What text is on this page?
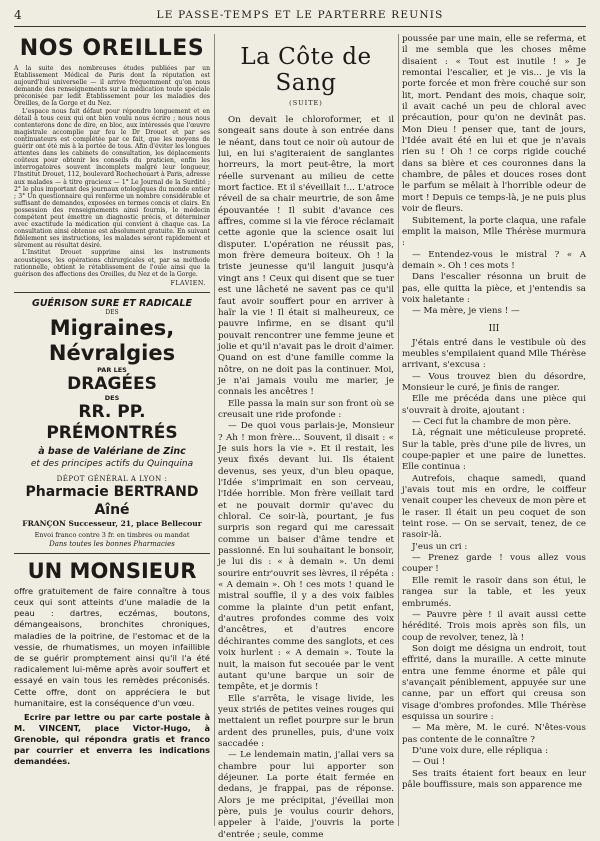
4	LE PASSE-TEMPS ET LE PARTERRE REUNIS
NOS OREILLES

A la suite des nombreuses études publiées par un Établissement Médical de Paris dont la réputation est aujourd'hui universelle — il arrive fréquemment qu'on nous demande des renseignements sur la médication toute spéciale préconisée par ledit Établissement pour les maladies des Oreilles, de la Gorge et du Nez.

L'espace nous fait défaut pour répondre longuement et en détail à tous ceux qui ont bien voulu nous écrire ; nous nous contenterons donc de dire, en bloc, aux intéressés que l'œuvre magistrale accomplie par feu le Dr Drouet et par ses continuateurs est complétée par ce fait, que les moyens de guérir ont été mis à la portée de tous. Afin d'éviter les longues attentes dans les cabinets de consultation, les déplacements coûteux pour obtenir les conseils du praticien, enfin les interrogatoires souvent incomplets malgré leur longueur, l'Institut Drouet, 112, boulevard Rochechouart à Paris, adresse aux malades — à titre gracieux — 1° Le Journal de la Surdité ; 2° le plus important des journaux otologiques du monde entier ; 3° Un questionnaire qui renferme un nombre considérable et suffisant de demandes, exposées en termes concis et clairs. En possession des renseignements ainsi fournis, le médecin compétent peut émettre un diagnostic précis, et déterminer avec exactitude la médication qui convient à chaque cas. La consultation ainsi obtenue est absolument gratuite. En suivant fidèlement ses instructions, les malades seront rapidement et sûrement au résultat désiré.

L'Institut Drouet supprime ainsi les instruments acoustiques, les opérations chirurgicales et, par sa méthode rationnelle, obtient le rétablissement de l'ouïe ainsi que la guérison des affections des Oreilles, du Nez et de la Gorge.

FLAVIEN.

GUÉRISON SURE ET RADICALE

DES

Migraines, Névralgies

PAR LES

DRAGÉES

DES

RR. PP. PRÉMONTRÉS

à base de Valériane de Zinc

et des principes actifs du Quinquina

DÉPOT GÉNÉRAL A LYON :

Pharmacie BERTRAND Aîné

FRANÇON Successeur, 21, place Bellecour

Envoi franco contre 3 fr. en timbres ou mandat

Dans toutes les bonnes Pharmacies

UN MONSIEUR

offre gratuitement de faire connaître à tous ceux qui sont atteints d'une maladie de la peau : dartres, eczémas, boutons, démangeaisons, bronchites chroniques, maladies de la poitrine, de l'estomac et de la vessie, de rhumatismes, un moyen infaillible de se guérir promptement ainsi qu'il l'a été radicalement lui-même après avoir souffert et essayé en vain tous les remèdes préconisés. Cette offre, dont on appréciera le but humanitaire, est la conséquence d'un vœu.

Ecrire par lettre ou par carte postale à M. VINCENT, place Victor-Hugo, à Grenoble, qui répondra gratis et franco par courrier et enverra les indications demandées.

La Côte de Sang

(SUITE)

On devait le chloroformer, et il songeait sans doute à son entrée dans le néant, dans tout ce noir où autour de lui, en lui s'agiteraient de sanglantes horreurs, la mort peut-être, la mort réelle survenant au milieu de cette mort factice. Et il s'éveillait !... L'atroce réveil de sa chair meurtrie, de son âme épouvantée ! Il subit d'avance ces affres, comme si la vie féroce réclamait cette agonie que la science osait lui disputer. L'opération ne réussit pas, mon frère demeura boiteux. Oh ! la triste jeunesse qu'il languit jusqu'à vingt ans ! Ceux qui disent que se tuer est une lâcheté ne savent pas ce qu'il faut avoir souffert pour en arriver à haïr la vie ! Il était si malheureux, ce pauvre infirme, en se disant qu'il pouvait rencontrer une femme jeune et jolie et qu'il n'avait pas le droit d'aimer. Quand on est d'une famille comme la nôtre, on ne doit pas la continuer. Moi, je n'ai jamais voulu me marier, je connais les ancêtres !

Elle passa la main sur son front où se creusait une ride profonde :

— De quoi vous parlais-je, Monsieur ? Ah ! mon frère... Souvent, il disait : « Je suis hors la vie ». Et il restait, les yeux fixés devant lui. Ils étaient devenus, ses yeux, d'un bleu opaque, l'Idée s'imprimait en son cerveau, l'Idée horrible. Mon frère veillait tard et ne pouvait dormir qu'avec du chloral. Ce soir-là, pourtant, je fus surpris son regard qui me caressait comme un baiser d'âme tendre et passionné. En lui souhaitant le bonsoir, je lui dis : « à demain ». Un demi sourire entr'ouvrit ses lèvres, il répéta : « A demain ». Oh ! ces mots ! quand le mistral souffle, il y a des voix faibles comme la plainte d'un petit enfant, d'autres profondes comme des voix d'ancêtres, et d'autres encore déchirantes comme des sanglots, et ces voix hurlent : « A demain ». Toute la nuit, la maison fut secouée par le vent autant qu'une barque un soir de tempête, et je dormis !

Elle s'arrêta, le visage livide, les yeux striés de petites veines rouges qui mettaient un reflet pourpre sur le brun ardent des prunelles, puis, d'une voix saccadée :

— Le lendemain matin, j'allai vers sa chambre pour lui apporter son déjeuner. La porte était fermée en dedans, je frappai, pas de réponse. Alors je me précipitai, j'éveillai mon père, puis je voulus courir dehors, appeler à l'aide, j'ouvris la porte d'entrée ; seule, comme

poussée par une main, elle se referma, et il me sembla que les choses même disaient : « Tout est inutile ! » Je remontai l'escalier, et je vis... je vis la porte forcée et mon frère couché sur son lit, mort. Pendant des mois, chaque soir, il avait caché un peu de chloral avec précaution, pour qu'on ne devinât pas. Mon Dieu ! penser que, tant de jours, l'Idée avait été en lui et que je n'avais rien su ! Oh ! ce corps rigide couché dans sa bière et ces couronnes dans la chambre, de pâles et douces roses dont le parfum se mêlait à l'horrible odeur de mort ! Depuis ce temps-là, je ne puis plus voir de fleurs.

Subitement, la porte claqua, une rafale emplit la maison, Mlle Thérèse murmura :

— Entendez-vous le mistral ? « A demain ». Oh ! ces mots !

Dans l'escalier résonna un bruit de pas, elle quitta la pièce, et j'entendis sa voix haletante :

— Ma mère, je viens ! —

III

J'étais entré dans le vestibule où des meubles s'empilaient quand Mlle Thérèse arrivant, s'excusa :

— Vous trouvez bien du désordre, Monsieur le curé, je finis de ranger.

Elle me précéda dans une pièce qui s'ouvrait à droite, ajoutant :

— Ceci fut la chambre de mon père.

Là, régnait une méticuleuse propreté. Sur la table, près d'une pile de livres, un coupe-papier et une paire de lunettes. Elle continua :

Autrefois, chaque samedi, quand j'avais tout mis en ordre, le coiffeur venait couper les cheveux de mon père et le raser. Il était un peu coquet de son teint rose. — On se servait, tenez, de ce rasoir-là.

J'eus un cri :

— Prenez garde ! vous allez vous couper !

Elle remit le rasoir dans son étui, le rangea sur la table, et les yeux embrumés.

— Pauvre père ! il avait aussi cette hérédité. Trois mois après son fils, un coup de revolver, tenez, là !

Son doigt me désigna un endroit, tout effrité, dans la muraille. A cette minute entra une femme énorme et pâle qui s'avançait péniblement, appuyée sur une canne, par un effort qui creusa son visage d'ombres profondes. Mlle Thérèse esquissa un sourire :

— Ma mère, M. le curé. N'êtes-vous pas contente de le connaître ?

D'une voix dure, elle répliqua :

— Oui !

Ses traits étaient fort beaux en leur pâle bouffissure, mais son apparence me
